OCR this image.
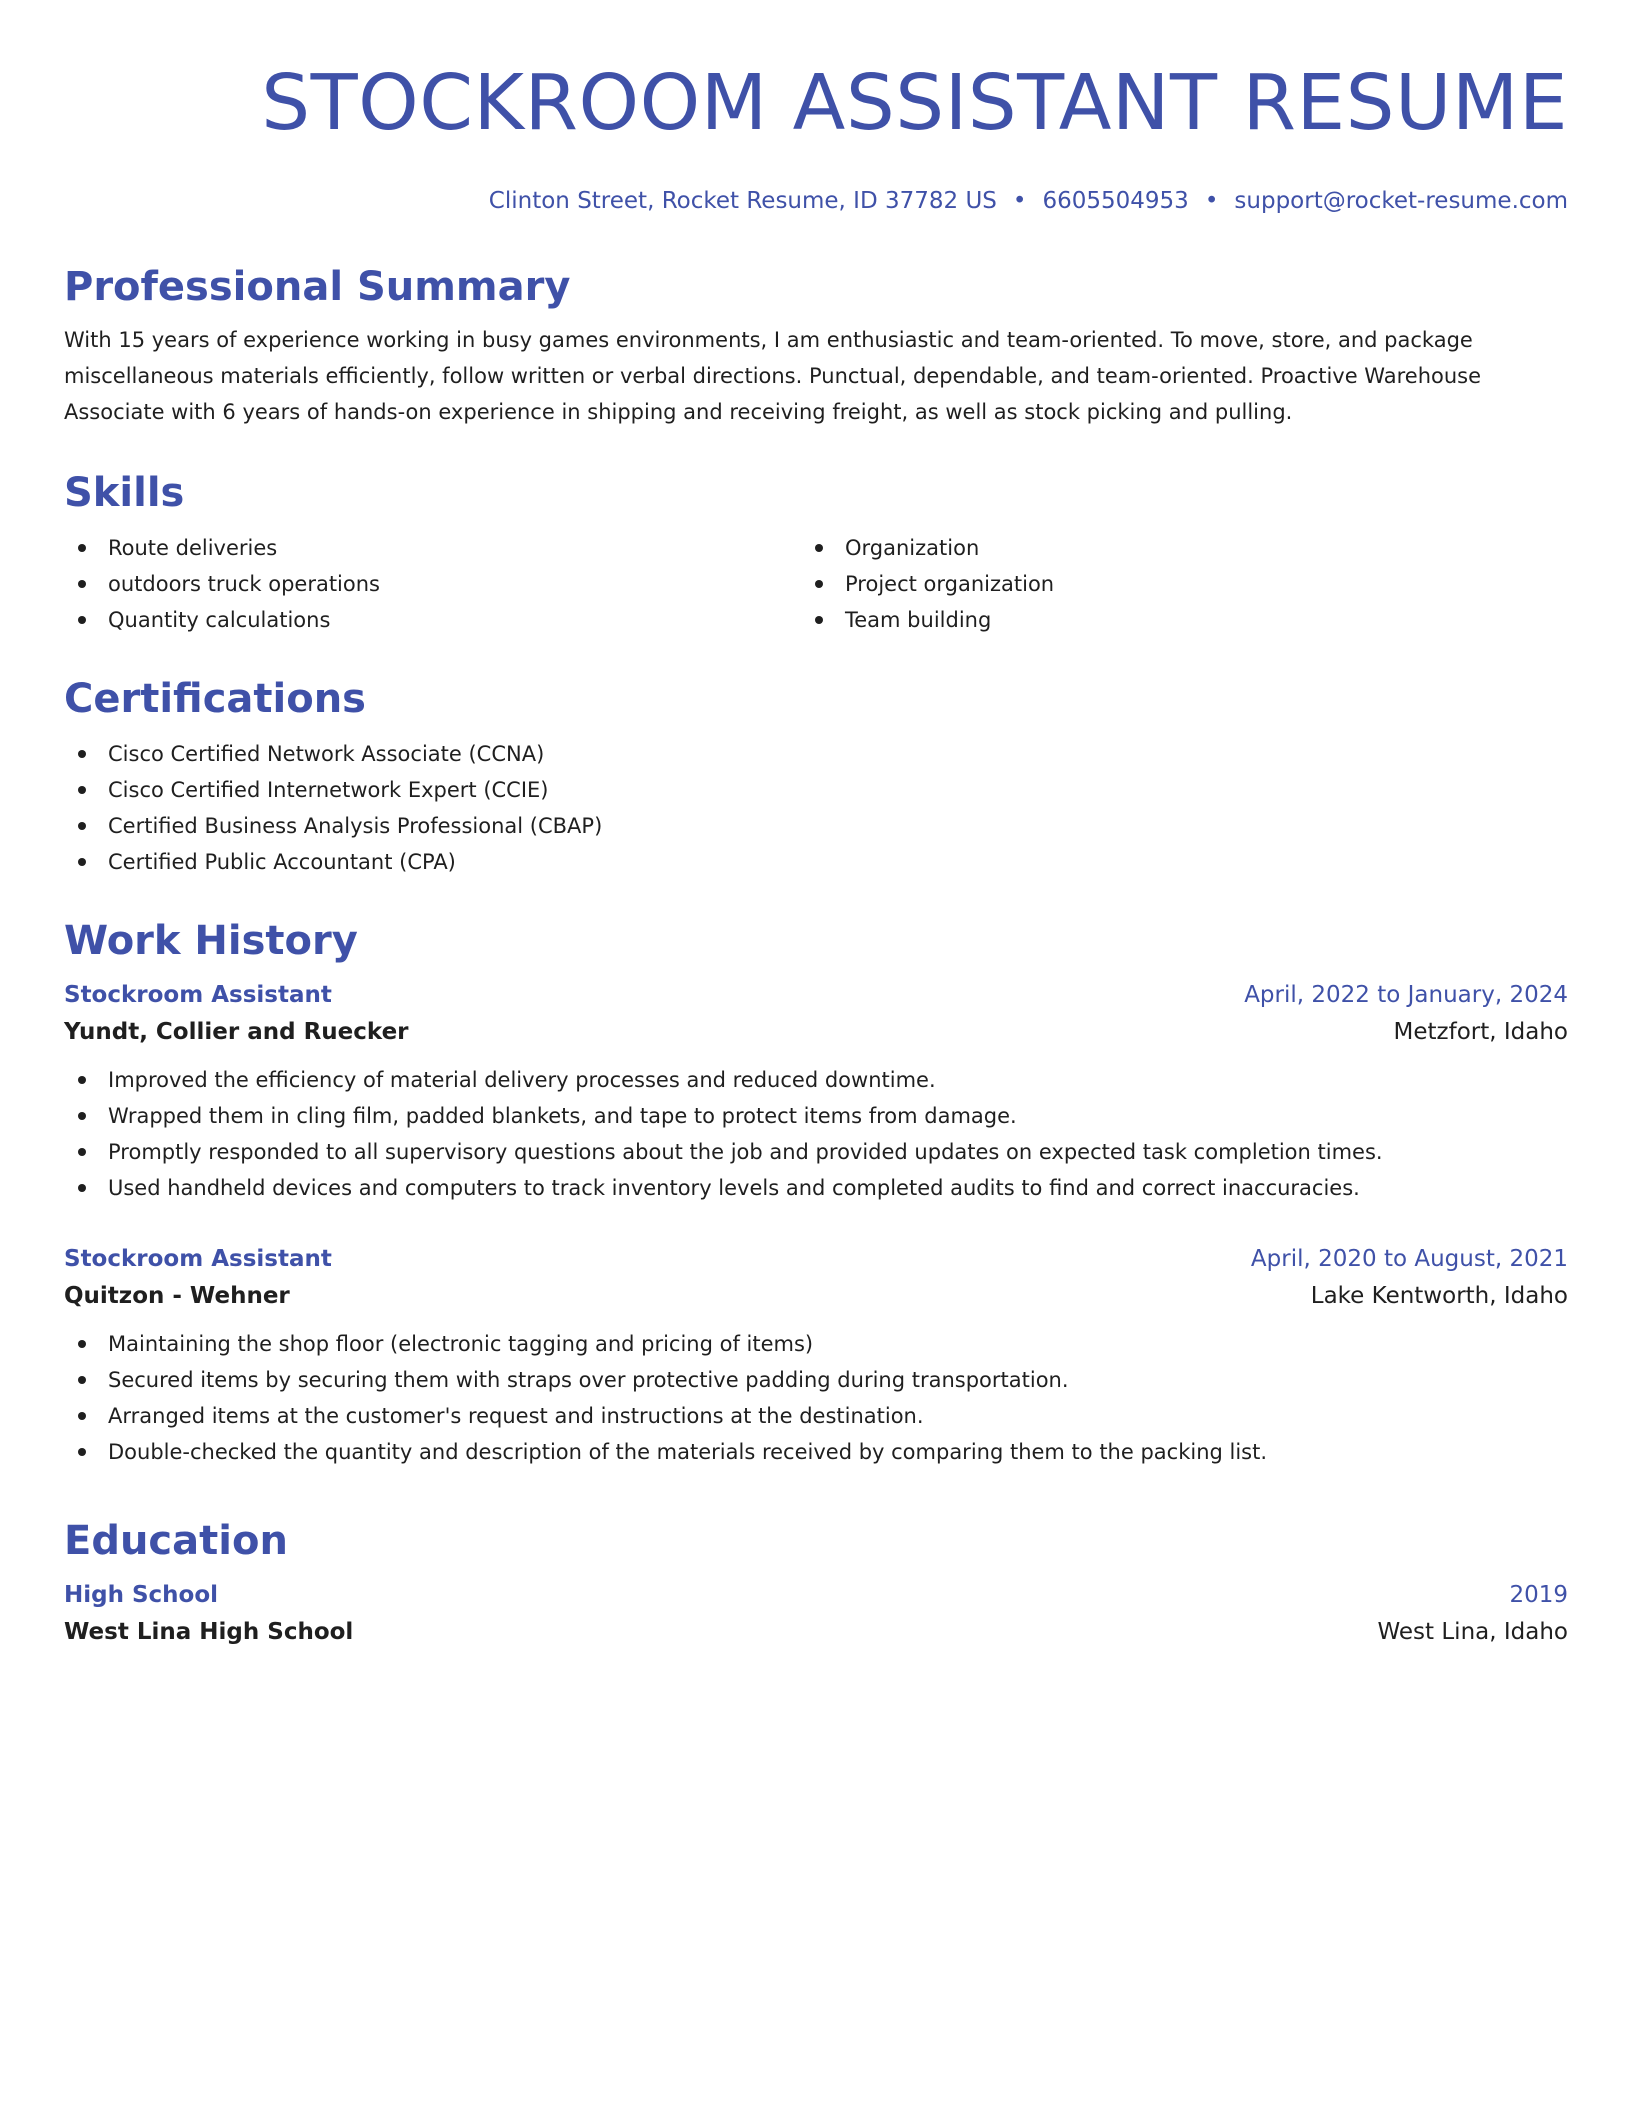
STOCKROOM ASSISTANT RESUME
Clinton Street, Rocket Resume, ID 37782 US • 6605504953 • support@rocket-resume.com
Professional Summary

With 15 years of experience working in busy games environments, I am enthusiastic and team-oriented. To move, store, and package miscellaneous materials efficiently, follow written or verbal directions. Punctual, dependable, and team-oriented. Proactive Warehouse Associate with 6 years of hands-on experience in shipping and receiving freight, as well as stock picking and pulling.

Skills
Route deliveries
outdoors truck operations
Quantity calculations
Organization
Project organization
Team building
Certifications
Cisco Certified Network Associate (CCNA)
Cisco Certified Internetwork Expert (CCIE)
Certified Business Analysis Professional (CBAP)
Certified Public Accountant (CPA)
Work History
Stockroom Assistant	April, 2022 to January, 2024
Yundt, Collier and Ruecker	Metzfort, Idaho
Improved the efficiency of material delivery processes and reduced downtime.
Wrapped them in cling film, padded blankets, and tape to protect items from damage.
Promptly responded to all supervisory questions about the job and provided updates on expected task completion times.
Used handheld devices and computers to track inventory levels and completed audits to find and correct inaccuracies.
Stockroom Assistant	April, 2020 to August, 2021
Quitzon - Wehner	Lake Kentworth, Idaho
Maintaining the shop floor (electronic tagging and pricing of items)
Secured items by securing them with straps over protective padding during transportation.
Arranged items at the customer's request and instructions at the destination.
Double-checked the quantity and description of the materials received by comparing them to the packing list.
Education
High School	2019
West Lina High School	West Lina, Idaho
